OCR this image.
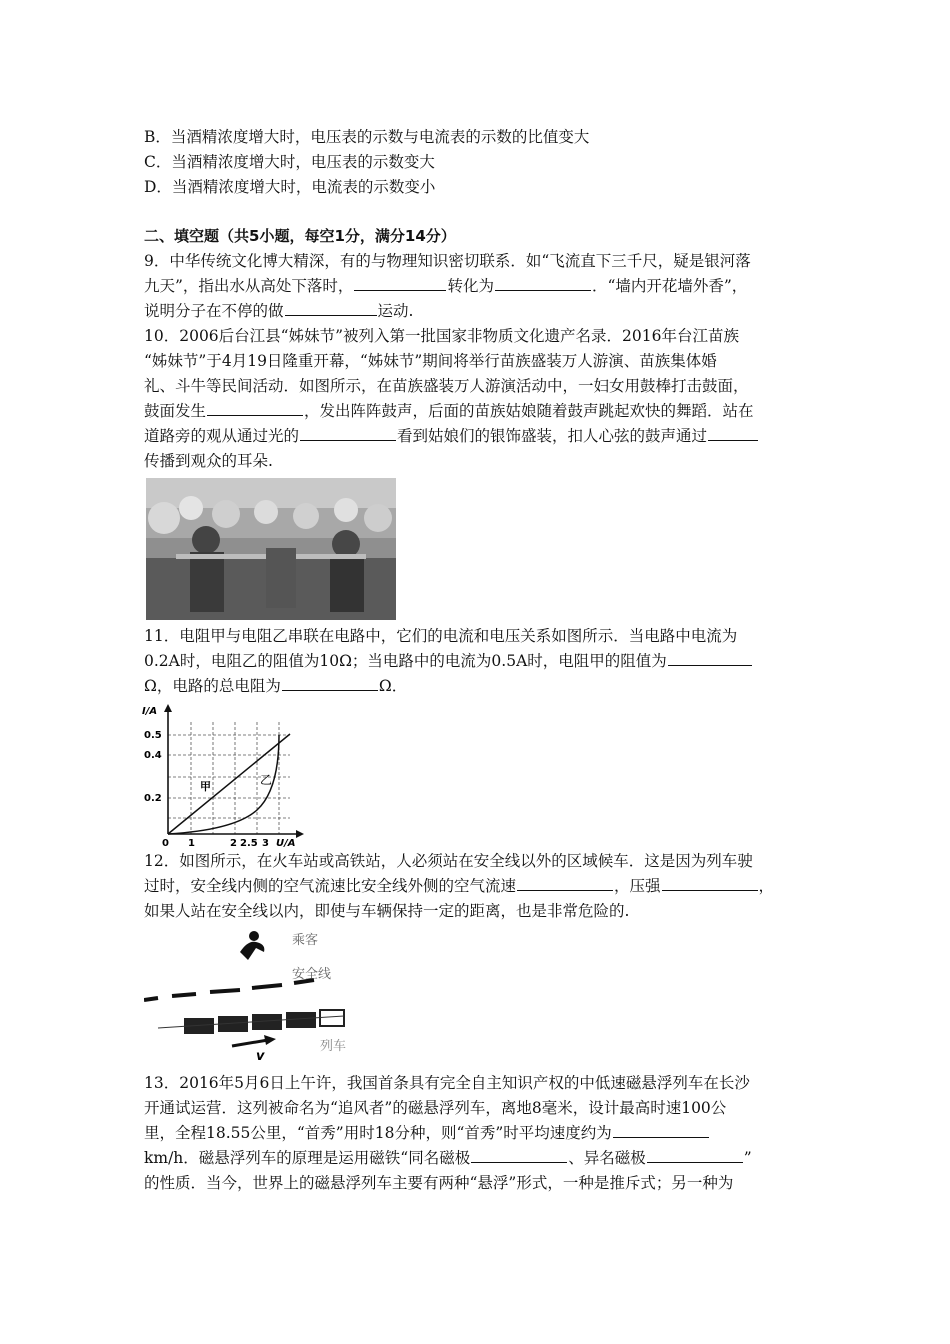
B．当酒精浓度增大时，电压表的示数与电流表的示数的比值变大
C．当酒精浓度增大时，电压表的示数变大
D．当酒精浓度增大时，电流表的示数变小
二、填空题（共5小题，每空1分，满分14分）
9．中华传统文化博大精深，有的与物理知识密切联系．如“飞流直下三千尺，疑是银河落
九天”，指出水从高处下落时，	转化为	．“墙内开花墙外香”，
说明分子在不停的做	运动.
10．2006后台江县“姊妹节”被列入第一批国家非物质文化遗产名录．2016年台江苗族
“姊妹节”于4月19日隆重开幕，“姊妹节”期间将举行苗族盛装万人游演、苗族集体婚
礼、斗牛等民间活动．如图所示，在苗族盛装万人游演活动中，一妇女用鼓棒打击鼓面，
鼓面发生	，发出阵阵鼓声，后面的苗族姑娘随着鼓声跳起欢快的舞蹈．站在
道路旁的观从通过光的	看到姑娘们的银饰盛装，扣人心弦的鼓声通过
传播到观众的耳朵.
11．电阻甲与电阻乙串联在电路中，它们的电流和电压关系如图所示．当电路中电流为
0.2A时，电阻乙的阻值为10Ω；当电路中的电流为0.5A时，电阻甲的阻值为
Ω，电路的总电阻为	Ω．
I/A
0.5
0.4
0.2
0 1	2 2.5 3 U/A
甲	乙
12．如图所示，在火车站或高铁站，人必须站在安全线以外的区域候车．这是因为列车驶
过时，安全线内侧的空气流速比安全线外侧的空气流速	，压强	，
如果人站在安全线以内，即使与车辆保持一定的距离，也是非常危险的.
乘客
安全线
v
列车
13．2016年5月6日上午许，我国首条具有完全自主知识产权的中低速磁悬浮列车在长沙
开通试运营．这列被命名为“追风者”的磁悬浮列车，离地8毫米，设计最高时速100公
里，全程18.55公里，“首秀”用时18分种，则“首秀”时平均速度约为
km/h．磁悬浮列车的原理是运用磁铁“同名磁极	、异名磁极	”
的性质．当今，世界上的磁悬浮列车主要有两种“悬浮”形式，一种是推斥式；另一种为
